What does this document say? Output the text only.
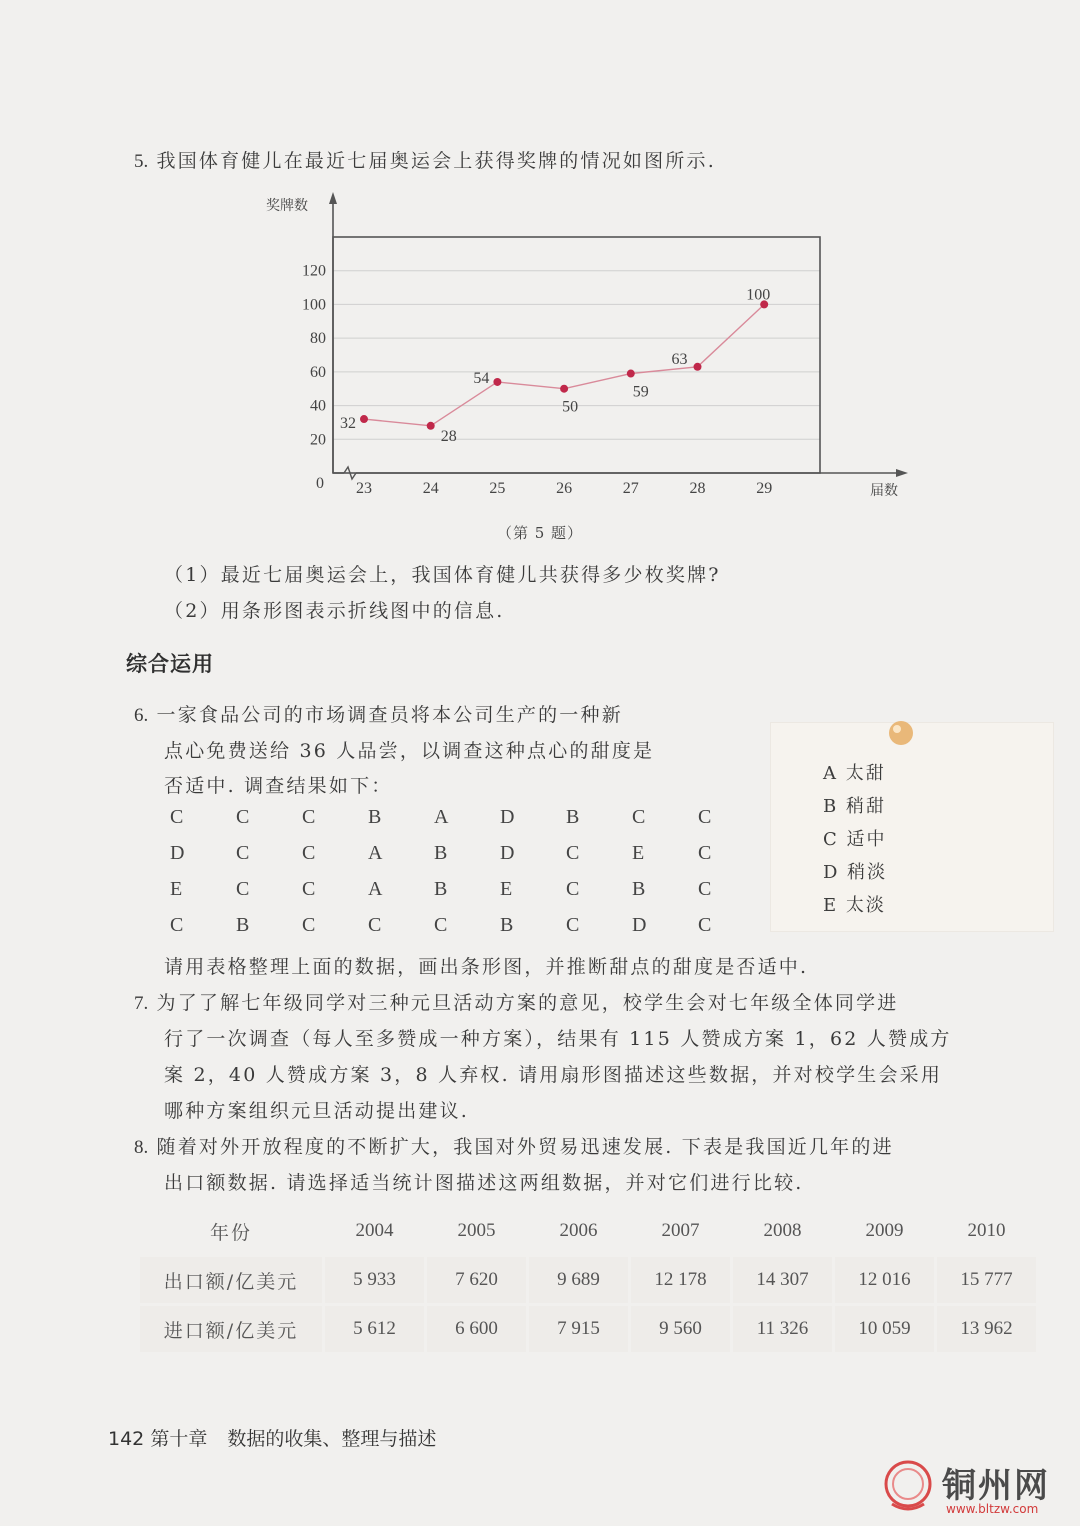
5. 我国体育健儿在最近七届奥运会上获得奖牌的情况如图所示.
奖牌数
届数
0
20
40
60
80
100
120
23	24	25	26	27	28	29
32
28
54
50
59
63
100
（第 5 题）
（1）最近七届奥运会上，我国体育健儿共获得多少枚奖牌?
（2）用条形图表示折线图中的信息.
综合运用
6. 一家食品公司的市场调查员将本公司生产的一种新
点心免费送给 36 人品尝，以调查这种点心的甜度是
否适中. 调查结果如下：
C	C	C	B	A	D	B	C	C
D	C	C	A	B	D	C	E	C
E	C	C	A	B	E	C	B	C
C	B	C	C	C	B	C	D	C
A 太甜
B 稍甜
C 适中
D 稍淡
E 太淡
请用表格整理上面的数据，画出条形图，并推断甜点的甜度是否适中.
7. 为了了解七年级同学对三种元旦活动方案的意见，校学生会对七年级全体同学进
行了一次调查（每人至多赞成一种方案），结果有 115 人赞成方案 1，62 人赞成方
案 2，40 人赞成方案 3，8 人弃权. 请用扇形图描述这些数据，并对校学生会采用
哪种方案组织元旦活动提出建议.
8. 随着对外开放程度的不断扩大，我国对外贸易迅速发展. 下表是我国近几年的进
出口额数据. 请选择适当统计图描述这两组数据，并对它们进行比较.
年份	2004	2005	2006	2007	2008	2009	2010
出口额/亿美元	5 933	7 620	9 689	12 178	14 307	12 016	15 777
进口额/亿美元	5 612	6 600	7 915	9 560	11 326	10 059	13 962
142 第十章 数据的收集、整理与描述
铜州网
www.bltzw.com
